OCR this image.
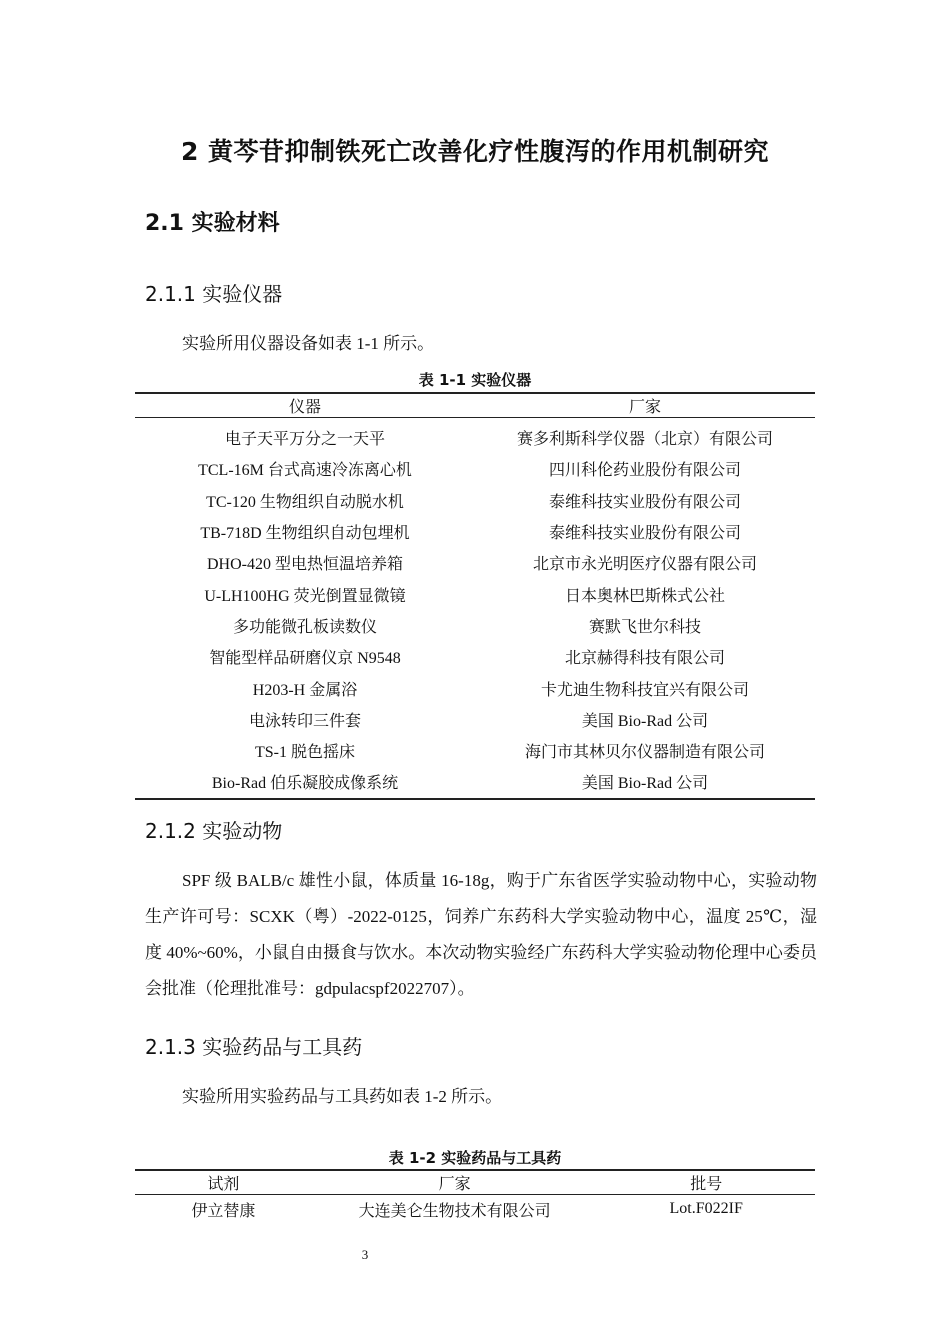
2 黄芩苷抑制铁死亡改善化疗性腹泻的作用机制研究
2.1 实验材料
2.1.1 实验仪器
实验所用仪器设备如表 1-1 所示。
表 1-1 实验仪器
仪器	厂家
电子天平万分之一天平	赛多利斯科学仪器（北京）有限公司
TCL-16M 台式高速冷冻离心机	四川科伦药业股份有限公司
TC-120 生物组织自动脱水机	泰维科技实业股份有限公司
TB-718D 生物组织自动包埋机	泰维科技实业股份有限公司
DHO-420 型电热恒温培养箱	北京市永光明医疗仪器有限公司
U-LH100HG 荧光倒置显微镜	日本奥林巴斯株式公社
多功能微孔板读数仪	赛默飞世尔科技
智能型样品研磨仪京 N9548	北京赫得科技有限公司
H203-H 金属浴	卡尤迪生物科技宜兴有限公司
电泳转印三件套	美国 Bio-Rad 公司
TS-1 脱色摇床	海门市其林贝尔仪器制造有限公司
Bio-Rad 伯乐凝胶成像系统	美国 Bio-Rad 公司
2.1.2 实验动物
SPF 级 BALB/c 雄性小鼠，体质量 16-18g，购于广东省医学实验动物中心，实验动物生产许可号：SCXK（粤）-2022-0125，饲养广东药科大学实验动物中心，温度 25℃，湿度 40%~60%，小鼠自由摄食与饮水。本次动物实验经广东药科大学实验动物伦理中心委员会批准（伦理批准号：gdpulacspf2022707）。
2.1.3 实验药品与工具药
实验所用实验药品与工具药如表 1-2 所示。
表 1-2 实验药品与工具药
试剂	厂家	批号
伊立替康	大连美仑生物技术有限公司	Lot.F022IF
3
